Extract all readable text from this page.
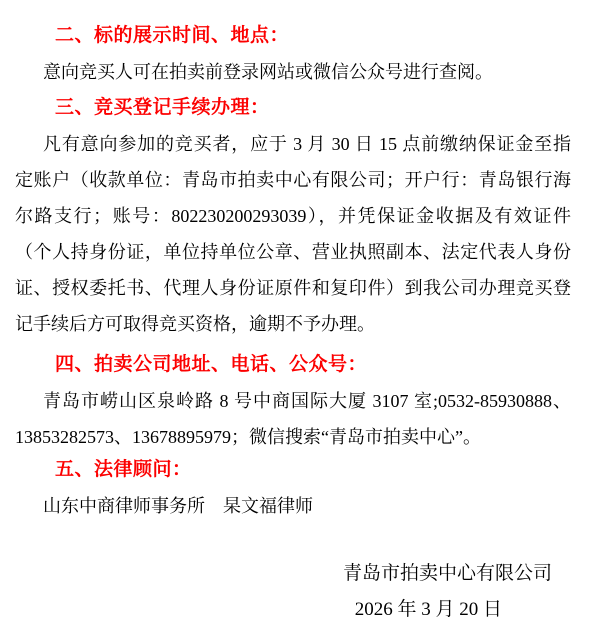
二、标的展示时间、地点：

意向竞买人可在拍卖前登录网站或微信公众号进行查阅。

三、竞买登记手续办理：

凡有意向参加的竞买者，应于 3 月 30 日 15 点前缴纳保证金至指

定账户（收款单位：青岛市拍卖中心有限公司；开户行：青岛银行海

尔路支行；账号：802230200293039），并凭保证金收据及有效证件

（个人持身份证，单位持单位公章、营业执照副本、法定代表人身份

证、授权委托书、代理人身份证原件和复印件）到我公司办理竞买登

记手续后方可取得竞买资格，逾期不予办理。

四、拍卖公司地址、电话、公众号：

青岛市崂山区泉岭路 8 号中商国际大厦 3107 室;0532-85930888、

13853282573、13678895979；微信搜索“青岛市拍卖中心”。

五、法律顾问：

山东中商律师事务所　杲文福律师

青岛市拍卖中心有限公司
2026 年 3 月 20 日
